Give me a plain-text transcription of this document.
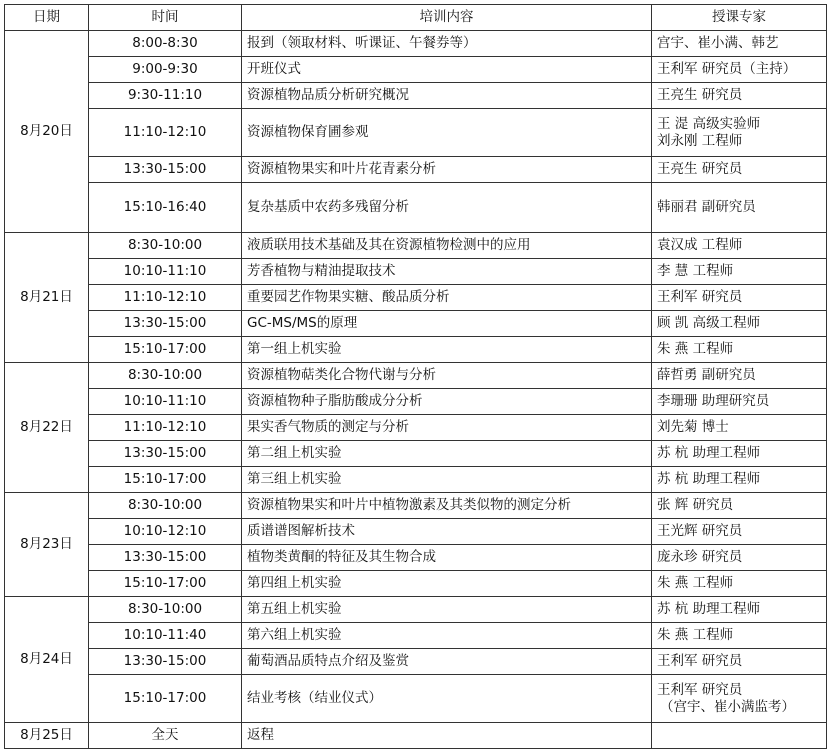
日期	时间	培训内容	授课专家
8月20日	8:00-8:30	报到（领取材料、听课证、午餐券等）	宫宇、崔小满、韩艺

	9:00-9:30	开班仪式	王利军 研究员（主持）

	9:30-11:10	资源植物品质分析研究概况	王亮生 研究员

	11:10-12:10	资源植物保育圃参观	王 湜 高级实验师
刘永刚 工程师

	13:30-15:00	资源植物果实和叶片花青素分析	王亮生 研究员

	15:10-16:40	复杂基质中农药多残留分析	韩丽君 副研究员

8月21日	8:30-10:00	液质联用技术基础及其在资源植物检测中的应用	袁汉成 工程师

	10:10-11:10	芳香植物与精油提取技术	李 慧 工程师

	11:10-12:10	重要园艺作物果实糖、酸品质分析	王利军 研究员

	13:30-15:00	GC-MS/MS的原理	顾 凯 高级工程师

	15:10-17:00	第一组上机实验	朱 燕 工程师

8月22日	8:30-10:00	资源植物萜类化合物代谢与分析	薛哲勇 副研究员

	10:10-11:10	资源植物种子脂肪酸成分分析	李珊珊 助理研究员

	11:10-12:10	果实香气物质的测定与分析	刘先菊 博士

	13:30-15:00	第二组上机实验	苏 杭 助理工程师

	15:10-17:00	第三组上机实验	苏 杭 助理工程师

8月23日	8:30-10:00	资源植物果实和叶片中植物激素及其类似物的测定分析	张 辉 研究员

	10:10-12:10	质谱谱图解析技术	王光辉 研究员

	13:30-15:00	植物类黄酮的特征及其生物合成	庞永珍 研究员

	15:10-17:00	第四组上机实验	朱 燕 工程师

8月24日	8:30-10:00	第五组上机实验	苏 杭 助理工程师

	10:10-11:40	第六组上机实验	朱 燕 工程师

	13:30-15:00	葡萄酒品质特点介绍及鉴赏	王利军 研究员

	15:10-17:00	结业考核（结业仪式）	王利军 研究员
（宫宇、崔小满监考）

8月25日	全天	返程	
